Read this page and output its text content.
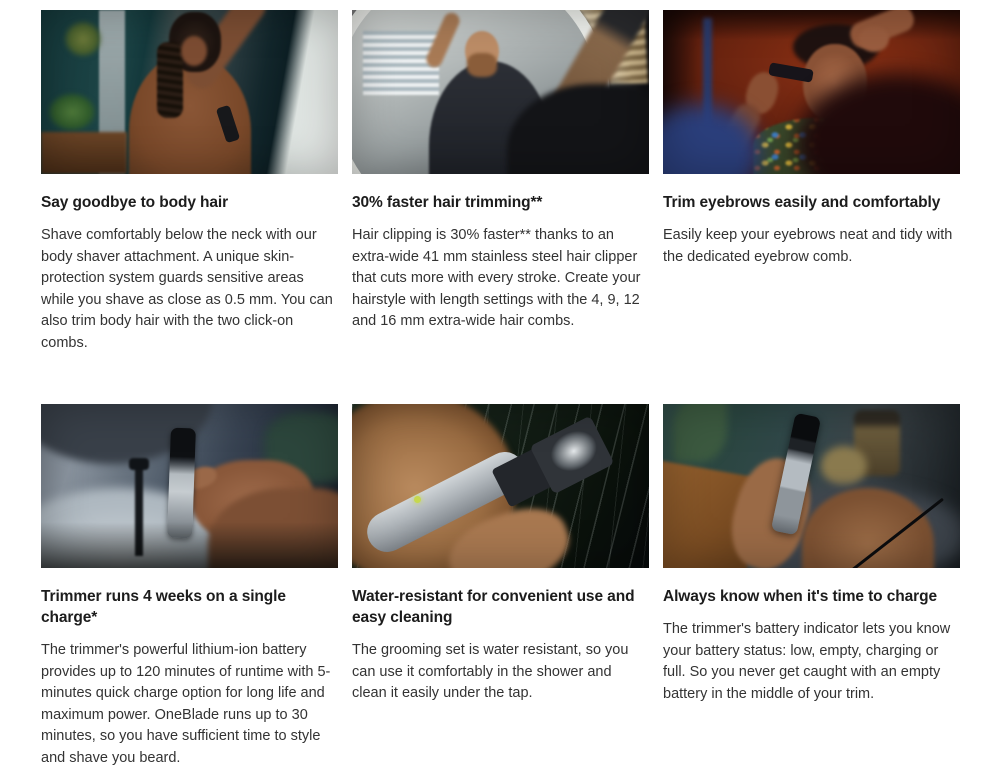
Say goodbye to body hair

Shave comfortably below the neck with our body shaver attachment. A unique skin-protection system guards sensitive areas while you shave as close as 0.5 mm. You can also trim body hair with the two click-on combs.

30% faster hair trimming**

Hair clipping is 30% faster** thanks to an extra-wide 41 mm stainless steel hair clipper that cuts more with every stroke. Create your hairstyle with length settings with the 4, 9, 12 and 16 mm extra-wide hair combs.

Trim eyebrows easily and comfortably

Easily keep your eyebrows neat and tidy with the dedicated eyebrow comb.

Trimmer runs 4 weeks on a single charge*

The trimmer's powerful lithium-ion battery provides up to 120 minutes of runtime with 5-minutes quick charge option for long life and maximum power. OneBlade runs up to 30 minutes, so you have sufficient time to style and shave you beard.

Water-resistant for convenient use and easy cleaning

The grooming set is water resistant, so you can use it comfortably in the shower and clean it easily under the tap.

Always know when it's time to charge

The trimmer's battery indicator lets you know your battery status: low, empty, charging or full. So you never get caught with an empty battery in the middle of your trim.
